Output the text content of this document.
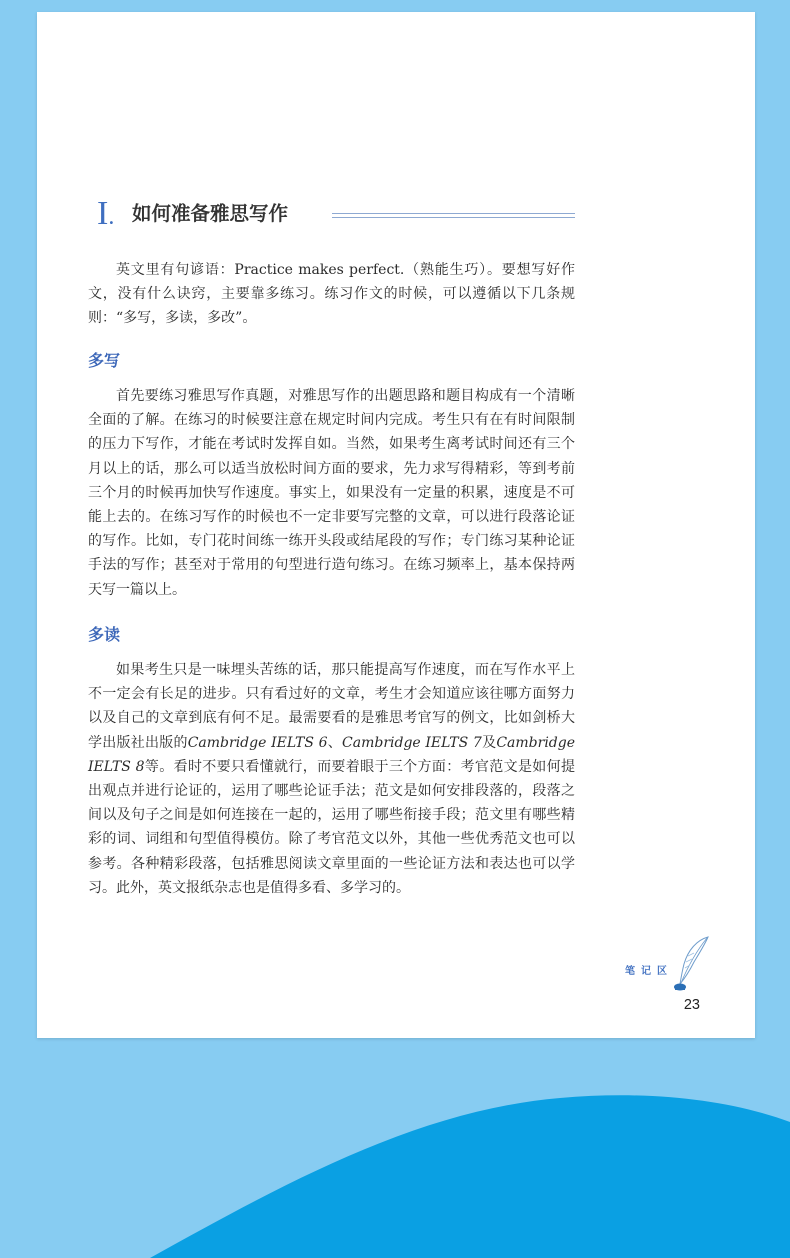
I. 如何准备雅思写作

英文里有句谚语：Practice makes perfect.（熟能生巧）。要想写好作文，没有什么诀窍，主要靠多练习。练习作文的时候，可以遵循以下几条规则：“多写，多读，多改”。

多写

首先要练习雅思写作真题，对雅思写作的出题思路和题目构成有一个清晰全面的了解。在练习的时候要注意在规定时间内完成。考生只有在有时间限制的压力下写作，才能在考试时发挥自如。当然，如果考生离考试时间还有三个月以上的话，那么可以适当放松时间方面的要求，先力求写得精彩，等到考前三个月的时候再加快写作速度。事实上，如果没有一定量的积累，速度是不可能上去的。在练习写作的时候也不一定非要写完整的文章，可以进行段落论证的写作。比如，专门花时间练一练开头段或结尾段的写作；专门练习某种论证手法的写作；甚至对于常用的句型进行造句练习。在练习频率上，基本保持两天写一篇以上。

多读

如果考生只是一味埋头苦练的话，那只能提高写作速度，而在写作水平上不一定会有长足的进步。只有看过好的文章，考生才会知道应该往哪方面努力以及自己的文章到底有何不足。最需要看的是雅思考官写的例文，比如剑桥大学出版社出版的Cambridge IELTS 6、Cambridge IELTS 7及Cambridge IELTS 8等。看时不要只看懂就行，而要着眼于三个方面：考官范文是如何提出观点并进行论证的，运用了哪些论证手法；范文是如何安排段落的，段落之间以及句子之间是如何连接在一起的，运用了哪些衔接手段；范文里有哪些精彩的词、词组和句型值得模仿。除了考官范文以外，其他一些优秀范文也可以参考。各种精彩段落，包括雅思阅读文章里面的一些论证方法和表达也可以学习。此外，英文报纸杂志也是值得多看、多学习的。

笔记区
23
